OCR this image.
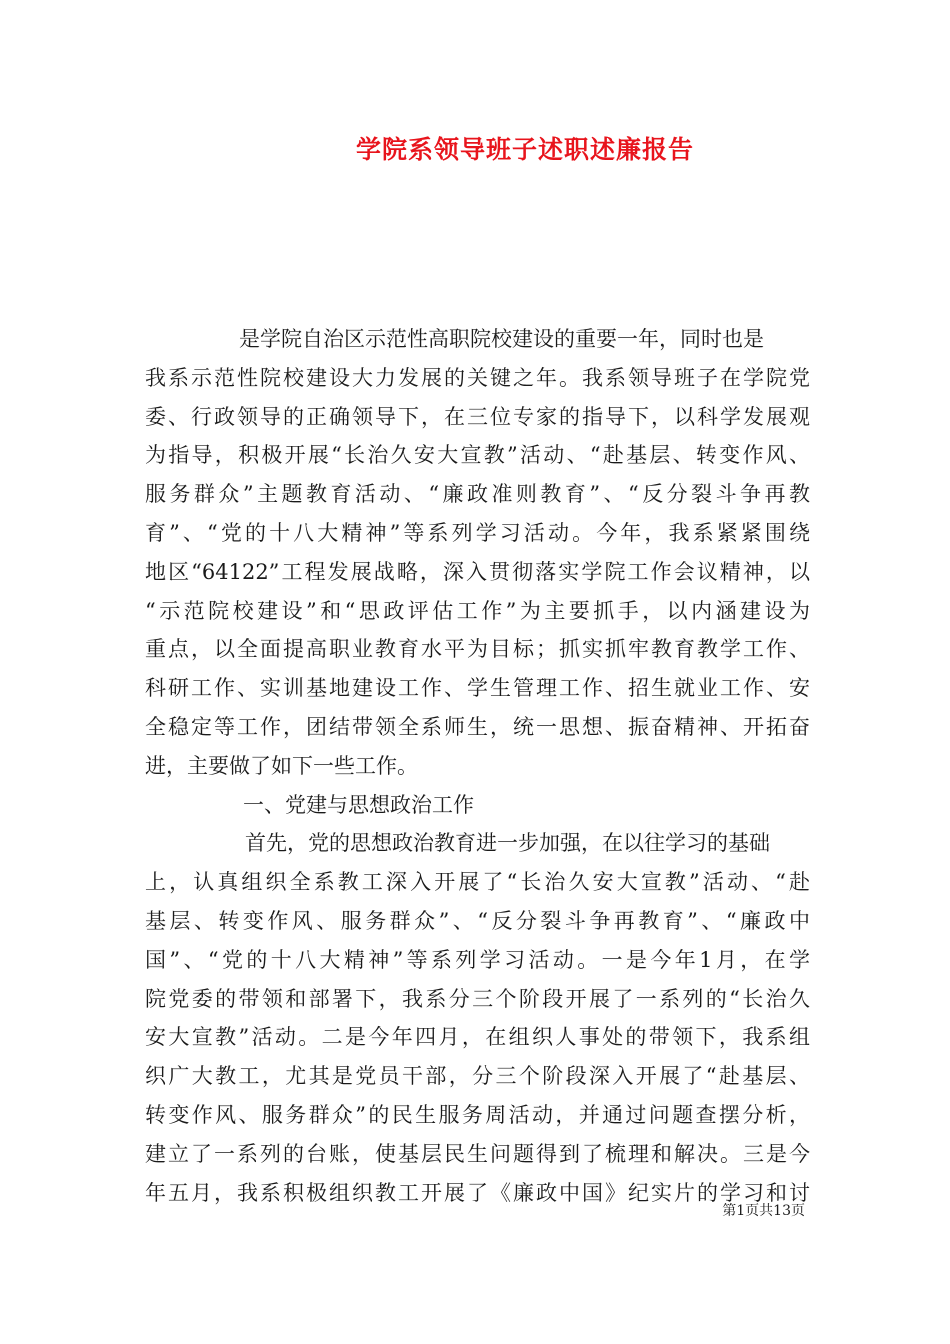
学院系领导班子述职述廉报告
是学院自治区示范性高职院校建设的重要一年，同时也是
我系示范性院校建设大力发展的关键之年。我系领导班子在学院党
委、行政领导的正确领导下，在三位专家的指导下，以科学发展观
为指导，积极开展“长治久安大宣教”活动、“赴基层、转变作风、
服务群众”主题教育活动、“廉政准则教育”、“反分裂斗争再教
育”、“党的十八大精神”等系列学习活动。今年，我系紧紧围绕
地区“64122”工程发展战略，深入贯彻落实学院工作会议精神，以
“示范院校建设”和“思政评估工作”为主要抓手，以内涵建设为
重点，以全面提高职业教育水平为目标；抓实抓牢教育教学工作、
科研工作、实训基地建设工作、学生管理工作、招生就业工作、安
全稳定等工作，团结带领全系师生，统一思想、振奋精神、开拓奋
进，主要做了如下一些工作。
一、党建与思想政治工作
首先，党的思想政治教育进一步加强，在以往学习的基础
上，认真组织全系教工深入开展了“长治久安大宣教”活动、“赴
基层、转变作风、服务群众”、“反分裂斗争再教育”、“廉政中
国”、“党的十八大精神”等系列学习活动。一是今年1月，在学
院党委的带领和部署下，我系分三个阶段开展了一系列的“长治久
安大宣教”活动。二是今年四月，在组织人事处的带领下，我系组
织广大教工，尤其是党员干部，分三个阶段深入开展了“赴基层、
转变作风、服务群众”的民生服务周活动，并通过问题查摆分析，
建立了一系列的台账，使基层民生问题得到了梳理和解决。三是今
年五月，我系积极组织教工开展了《廉政中国》纪实片的学习和讨
第1页共13页
